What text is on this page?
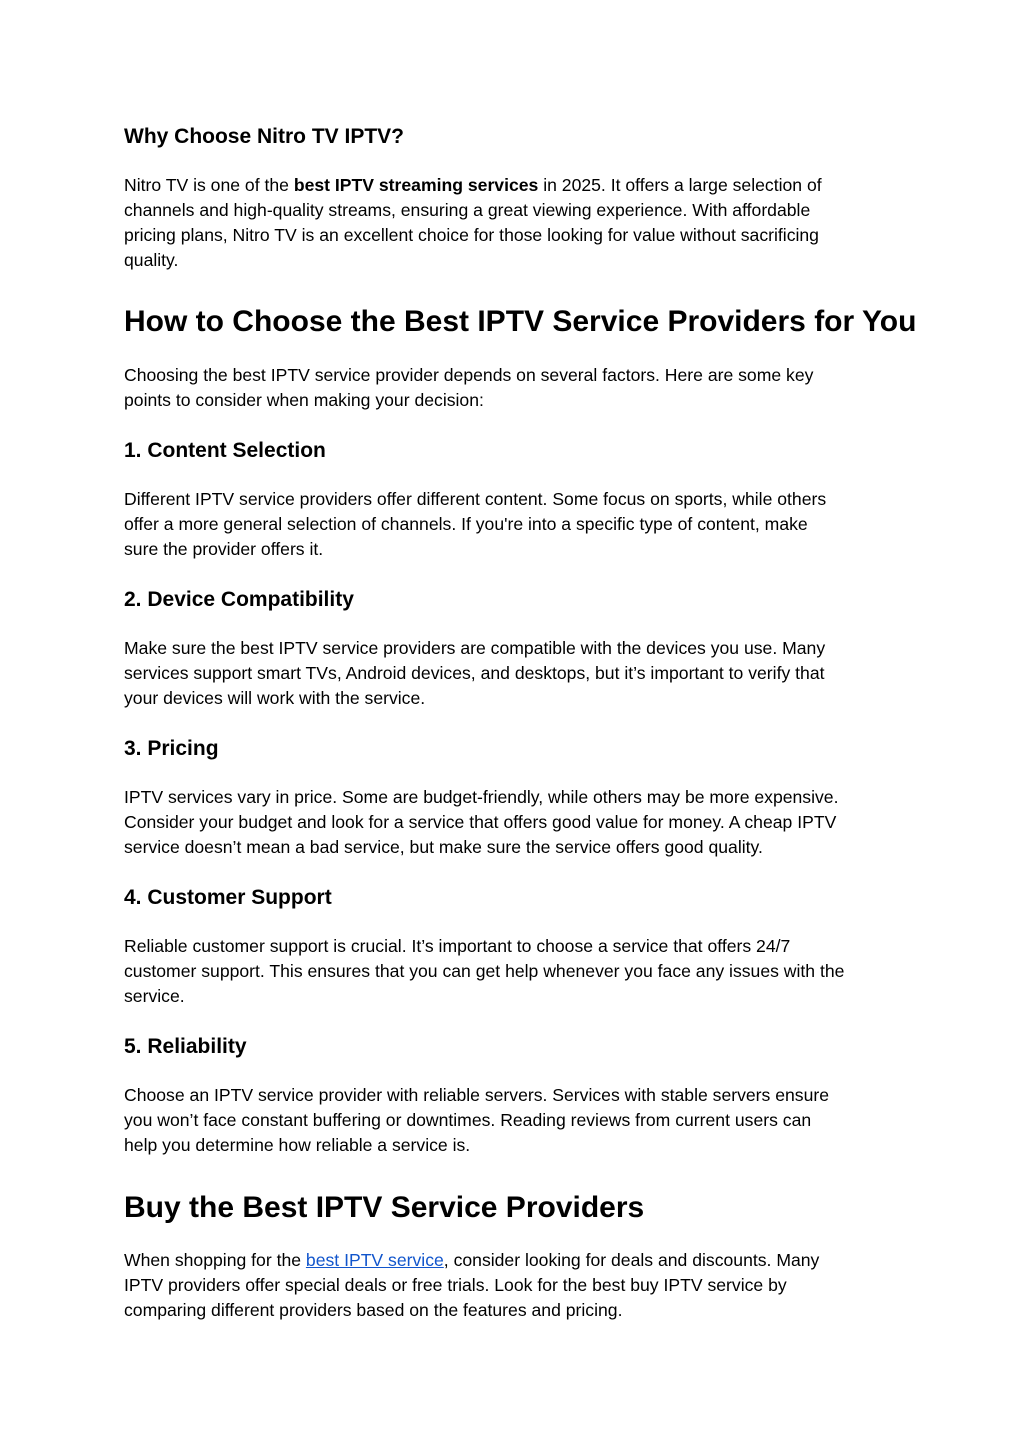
Why Choose Nitro TV IPTV?

Nitro TV is one of the best IPTV streaming services in 2025. It offers a large selection of
channels and high-quality streams, ensuring a great viewing experience. With affordable
pricing plans, Nitro TV is an excellent choice for those looking for value without sacrificing
quality.

How to Choose the Best IPTV Service Providers for You

Choosing the best IPTV service provider depends on several factors. Here are some key
points to consider when making your decision:

1. Content Selection

Different IPTV service providers offer different content. Some focus on sports, while others
offer a more general selection of channels. If you're into a specific type of content, make
sure the provider offers it.

2. Device Compatibility

Make sure the best IPTV service providers are compatible with the devices you use. Many
services support smart TVs, Android devices, and desktops, but it’s important to verify that
your devices will work with the service.

3. Pricing

IPTV services vary in price. Some are budget-friendly, while others may be more expensive.
Consider your budget and look for a service that offers good value for money. A cheap IPTV
service doesn’t mean a bad service, but make sure the service offers good quality.

4. Customer Support

Reliable customer support is crucial. It’s important to choose a service that offers 24/7
customer support. This ensures that you can get help whenever you face any issues with the
service.

5. Reliability

Choose an IPTV service provider with reliable servers. Services with stable servers ensure
you won’t face constant buffering or downtimes. Reading reviews from current users can
help you determine how reliable a service is.

Buy the Best IPTV Service Providers

When shopping for the best IPTV service, consider looking for deals and discounts. Many
IPTV providers offer special deals or free trials. Look for the best buy IPTV service by
comparing different providers based on the features and pricing.
